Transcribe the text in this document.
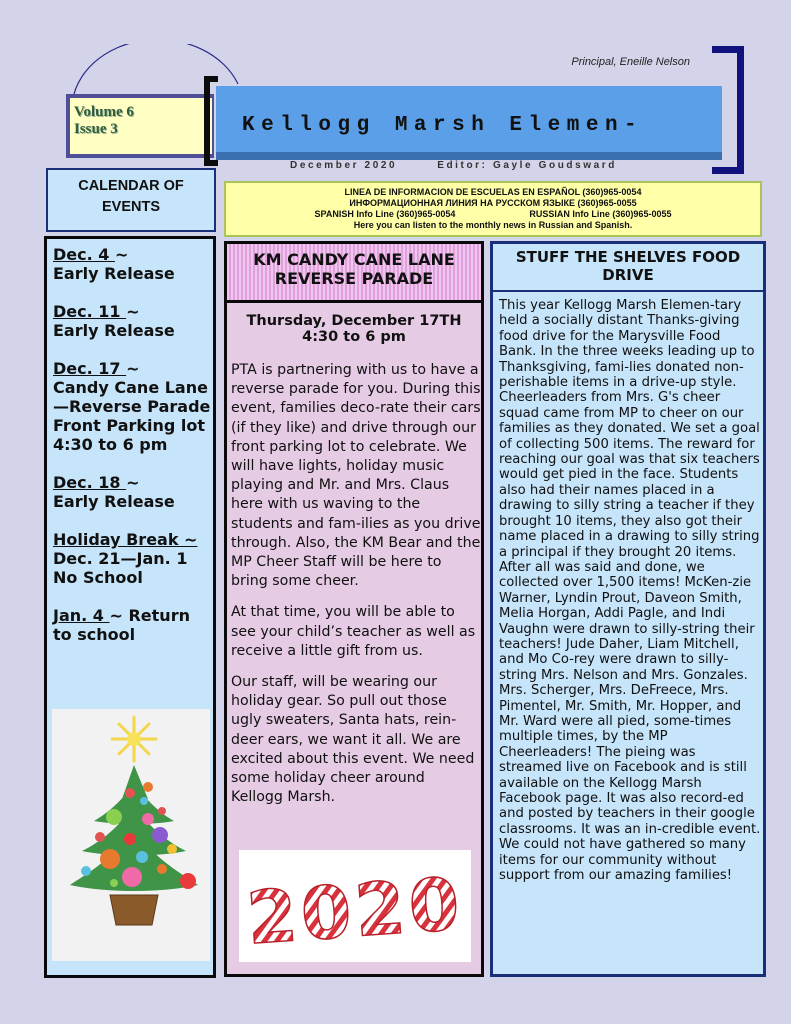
Principal, Eneille Nelson
Volume 6
Issue 3	Kellogg Marsh Elemen-
December 2020	Editor: Gayle Goudsward
CALENDAR OF
EVENTS
LINEA DE INFORMACION DE ESCUELAS EN ESPAÑOL (360)965-0054
ИНФОРМАЦИОННАЯ ЛИНИЯ НА РУССКОМ ЯЗЫКЕ (360)965-0055
SPANISH Info Line (360)965-0054	RUSSIAN Info Line (360)965-0055
Here you can listen to the monthly news in Russian and Spanish.
Dec. 4 ~
Early Release
Dec. 11 ~
Early Release
Dec. 17 ~
Candy Cane Lane—Reverse Parade Front Parking lot 4:30 to 6 pm
Dec. 18 ~
Early Release
Holiday Break ~
Dec. 21—Jan. 1 No School
Jan. 4 ~ Return to school
KM CANDY CANE LANE REVERSE PARADE
Thursday, December 17TH
4:30 to 6 pm

PTA is partnering with us to have a reverse parade for you. During this event, families deco-rate their cars (if they like) and drive through our front parking lot to celebrate. We will have lights, holiday music playing and Mr. and Mrs. Claus here with us waving to the students and fam-ilies as you drive through. Also, the KM Bear and the MP Cheer Staff will be here to bring some cheer.

At that time, you will be able to see your child’s teacher as well as receive a little gift from us.

Our staff, will be wearing our holiday gear. So pull out those ugly sweaters, Santa hats, rein-deer ears, we want it all. We are excited about this event. We need some holiday cheer around Kellogg Marsh.

2020
STUFF THE SHELVES FOOD DRIVE
This year Kellogg Marsh Elemen-tary held a socially distant Thanks-giving food drive for the Marysville Food Bank. In the three weeks leading up to Thanksgiving, fami-lies donated non-perishable items in a drive-up style. Cheerleaders from Mrs. G's cheer squad came from MP to cheer on our families as they donated. We set a goal of collecting 500 items. The reward for reaching our goal was that six teachers would get pied in the face. Students also had their names placed in a drawing to silly string a teacher if they brought 10 items, they also got their name placed in a drawing to silly string a principal if they brought 20 items. After all was said and done, we collected over 1,500 items! McKen-zie Warner, Lyndin Prout, Daveon Smith, Melia Horgan, Addi Pagle, and Indi Vaughn were drawn to silly-string their teachers! Jude Daher, Liam Mitchell, and Mo Co-rey were drawn to silly-string Mrs. Nelson and Mrs. Gonzales. Mrs. Scherger, Mrs. DeFreece, Mrs. Pimentel, Mr. Smith, Mr. Hopper, and Mr. Ward were all pied, some-times multiple times, by the MP Cheerleaders! The pieing was streamed live on Facebook and is still available on the Kellogg Marsh Facebook page. It was also record-ed and posted by teachers in their google classrooms. It was an in-credible event. We could not have gathered so many items for our community without support from our amazing families!
